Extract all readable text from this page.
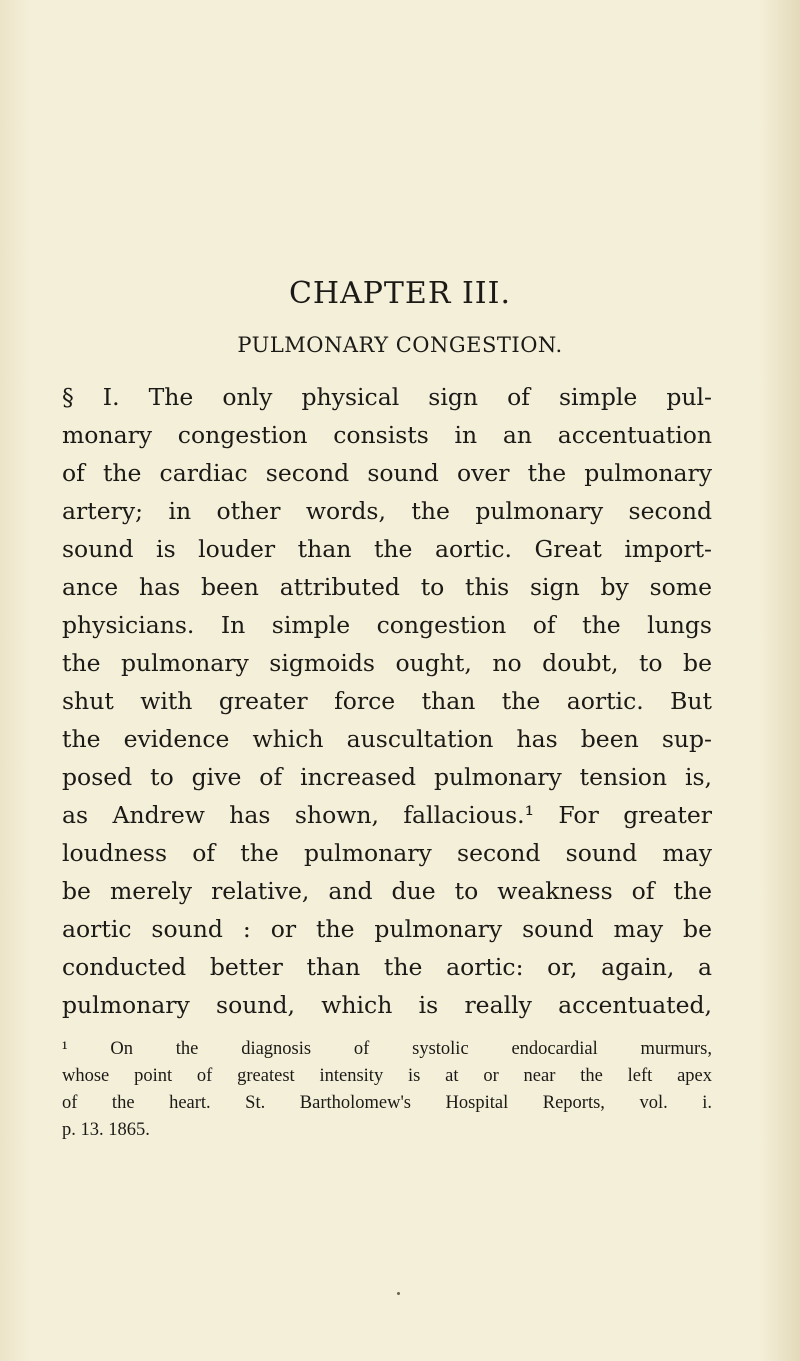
CHAPTER III.
PULMONARY CONGESTION.
§ I. The only physical sign of simple pul-
monary congestion consists in an accentuation
of the cardiac second sound over the pulmonary
artery; in other words, the pulmonary second
sound is louder than the aortic. Great import-
ance has been attributed to this sign by some
physicians. In simple congestion of the lungs
the pulmonary sigmoids ought, no doubt, to be
shut with greater force than the aortic. But
the evidence which auscultation has been sup-
posed to give of increased pulmonary tension is,
as Andrew has shown, fallacious.¹ For greater
loudness of the pulmonary second sound may
be merely relative, and due to weakness of the
aortic sound : or the pulmonary sound may be
conducted better than the aortic: or, again, a
pulmonary sound, which is really accentuated,
¹ On the diagnosis of systolic endocardial murmurs,
whose point of greatest intensity is at or near the left apex
of the heart. St. Bartholomew's Hospital Reports, vol. i.
p. 13. 1865.
